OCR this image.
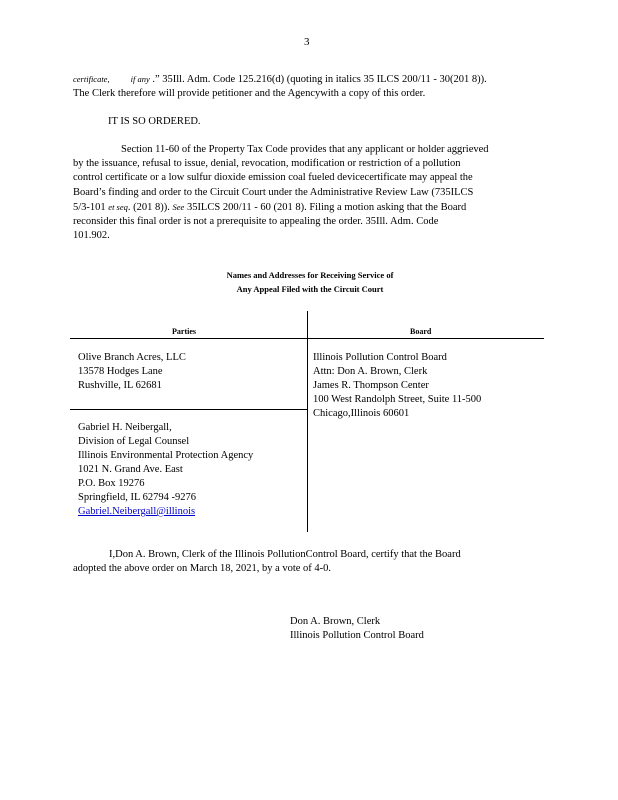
3
certificate, if any .” 35Ill. Adm. Code 125.216(d) (quoting in italics 35 ILCS 200/11 - 30(201 8)).
The Clerk therefore will provide petitioner and the Agencywith a copy of this order.
IT IS SO ORDERED.
Section 11-60 of the Property Tax Code provides that any applicant or holder aggrieved
by the issuance, refusal to issue, denial, revocation, modification or restriction of a pollution
control certificate or a low sulfur dioxide emission coal fueled devicecertificate may appeal the
Board’s finding and order to the Circuit Court under the Administrative Review Law (735ILCS
5/3-101 et seq. (201 8)). See 35ILCS 200/11 - 60 (201 8). Filing a motion asking that the Board
reconsider this final order is not a prerequisite to appealing the order. 35Ill. Adm. Code
101.902.
Names and Addresses for Receiving Service of
Any Appeal Filed with the Circuit Court
Parties	Board
Olive Branch Acres, LLC
13578 Hodges Lane
Rushville, IL 62681
Gabriel H. Neibergall,
Division of Legal Counsel
Illinois Environmental Protection Agency
1021 N. Grand Ave. East
P.O. Box 19276
Springfield, IL 62794 -9276
Gabriel.Neibergall@illinois
Illinois Pollution Control Board
Attn: Don A. Brown, Clerk
James R. Thompson Center
100 West Randolph Street, Suite 11-500
Chicago,Illinois 60601
I,Don A. Brown, Clerk of the Illinois PollutionControl Board, certify that the Board
adopted the above order on March 18, 2021, by a vote of 4-0.
Don A. Brown, Clerk
Illinois Pollution Control Board
